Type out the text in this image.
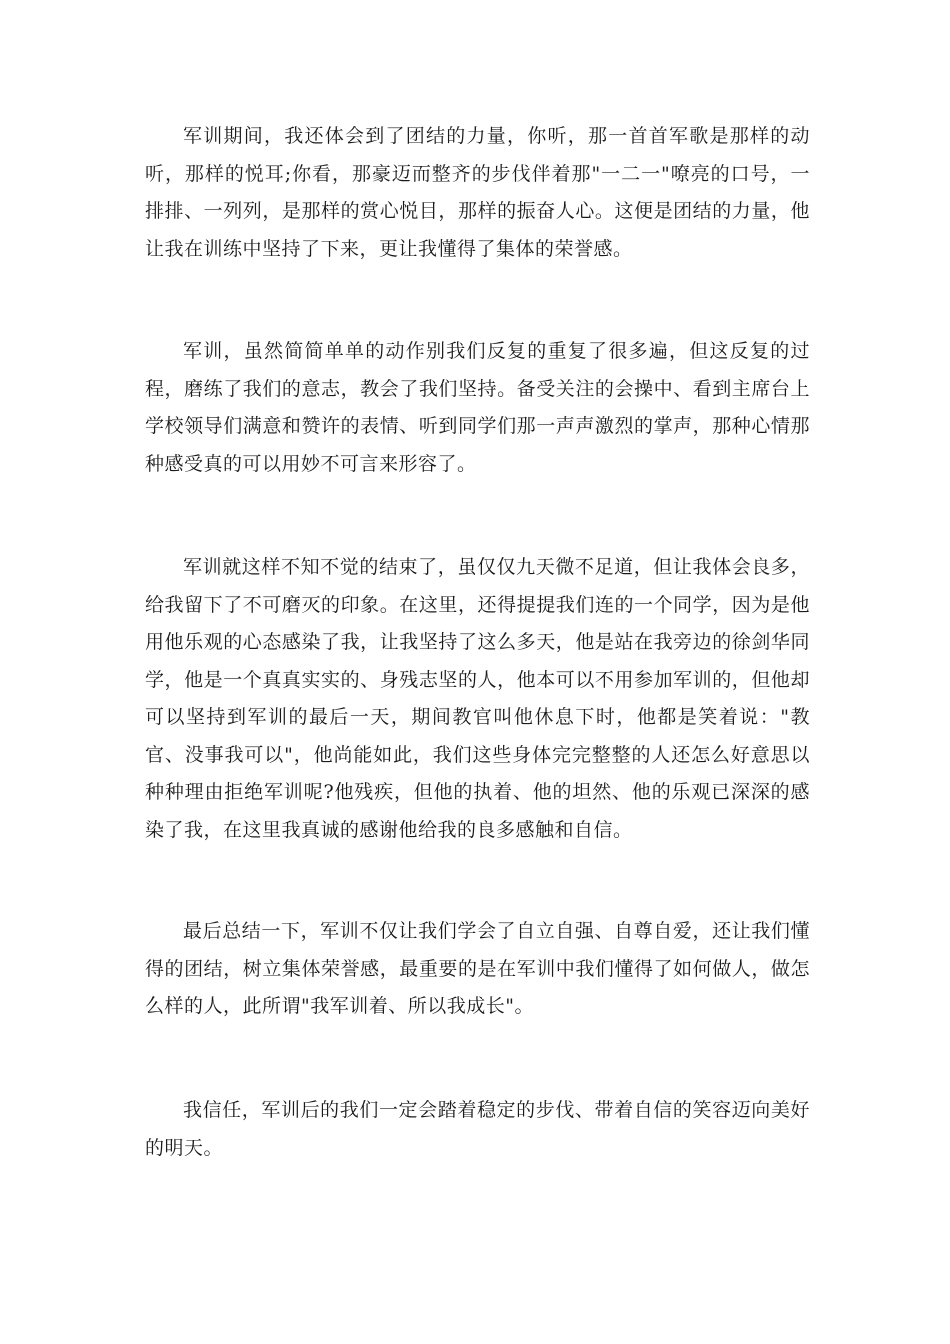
军训期间，我还体会到了团结的力量，你听，那一首首军歌是那样的动听，那样的悦耳;你看，那豪迈而整齐的步伐伴着那"一二一"嘹亮的口号，一排排、一列列，是那样的赏心悦目，那样的振奋人心。这便是团结的力量，他让我在训练中坚持了下来，更让我懂得了集体的荣誉感。

军训，虽然简简单单的动作别我们反复的重复了很多遍，但这反复的过程，磨练了我们的意志，教会了我们坚持。备受关注的会操中、看到主席台上学校领导们满意和赞许的表情、听到同学们那一声声激烈的掌声，那种心情那种感受真的可以用妙不可言来形容了。

军训就这样不知不觉的结束了，虽仅仅九天微不足道，但让我体会良多，给我留下了不可磨灭的印象。在这里，还得提提我们连的一个同学，因为是他用他乐观的心态感染了我，让我坚持了这么多天，他是站在我旁边的徐剑华同学，他是一个真真实实的、身残志坚的人，他本可以不用参加军训的，但他却可以坚持到军训的最后一天，期间教官叫他休息下时，他都是笑着说："教官、没事我可以"，他尚能如此，我们这些身体完完整整的人还怎么好意思以种种理由拒绝军训呢?他残疾，但他的执着、他的坦然、他的乐观已深深的感染了我，在这里我真诚的感谢他给我的良多感触和自信。

最后总结一下，军训不仅让我们学会了自立自强、自尊自爱，还让我们懂得的团结，树立集体荣誉感，最重要的是在军训中我们懂得了如何做人，做怎么样的人，此所谓"我军训着、所以我成长"。

我信任，军训后的我们一定会踏着稳定的步伐、带着自信的笑容迈向美好的明天。
